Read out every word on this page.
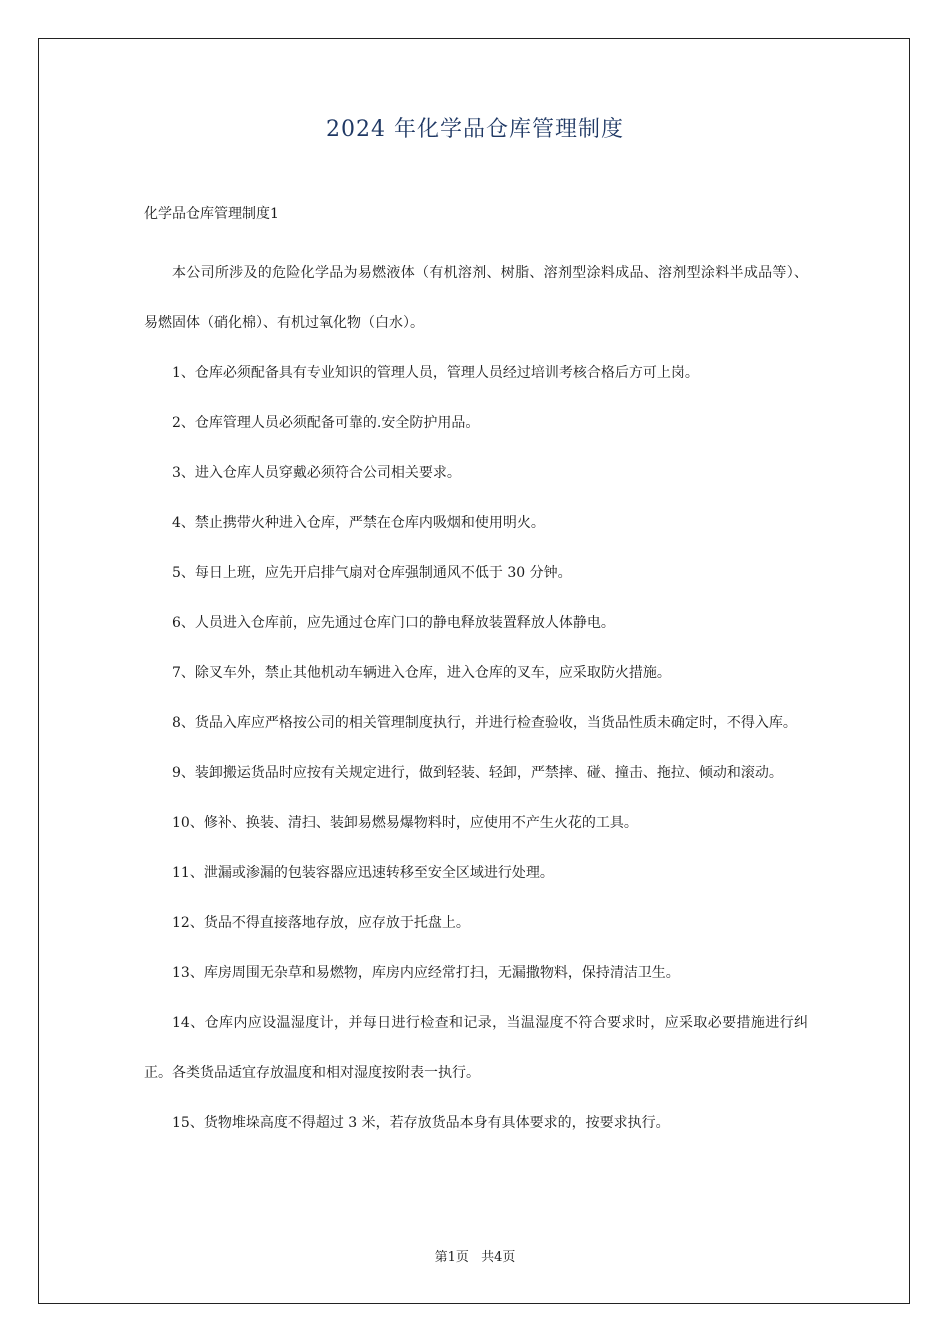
2024 年化学品仓库管理制度
化学品仓库管理制度1

本公司所涉及的危险化学品为易燃液体（有机溶剂、树脂、溶剂型涂料成品、溶剂型涂料半成品等）、易燃固体（硝化棉）、有机过氧化物（白水）。

1、仓库必须配备具有专业知识的管理人员，管理人员经过培训考核合格后方可上岗。

2、仓库管理人员必须配备可靠的.安全防护用品。

3、进入仓库人员穿戴必须符合公司相关要求。

4、禁止携带火种进入仓库，严禁在仓库内吸烟和使用明火。

5、每日上班，应先开启排气扇对仓库强制通风不低于 30 分钟。

6、人员进入仓库前，应先通过仓库门口的静电释放装置释放人体静电。

7、除叉车外，禁止其他机动车辆进入仓库，进入仓库的叉车，应采取防火措施。

8、货品入库应严格按公司的相关管理制度执行，并进行检查验收，当货品性质未确定时，不得入库。

9、装卸搬运货品时应按有关规定进行，做到轻装、轻卸，严禁摔、碰、撞击、拖拉、倾动和滚动。

10、修补、换装、清扫、装卸易燃易爆物料时，应使用不产生火花的工具。

11、泄漏或渗漏的包装容器应迅速转移至安全区域进行处理。

12、货品不得直接落地存放，应存放于托盘上。

13、库房周围无杂草和易燃物，库房内应经常打扫，无漏撒物料，保持清洁卫生。

14、仓库内应设温湿度计，并每日进行检查和记录，当温湿度不符合要求时，应采取必要措施进行纠正。各类货品适宜存放温度和相对湿度按附表一执行。

15、货物堆垛高度不得超过 3 米，若存放货品本身有具体要求的，按要求执行。

第1页 共4页
